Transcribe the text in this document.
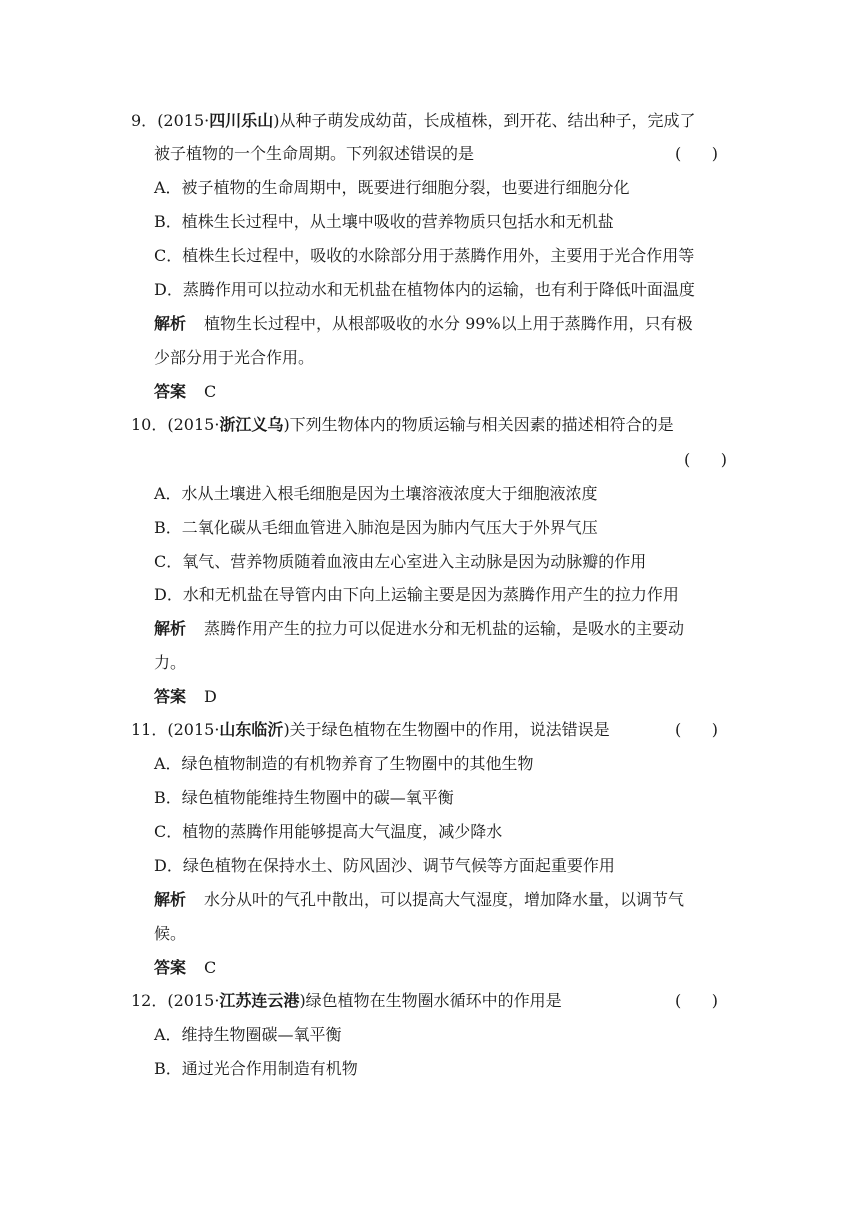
9．(2015·四川乐山)从种子萌发成幼苗，长成植株，到开花、结出种子，完成了
被子植物的一个生命周期。下列叙述错误的是	(      )
A．被子植物的生命周期中，既要进行细胞分裂，也要进行细胞分化
B．植株生长过程中，从土壤中吸收的营养物质只包括水和无机盐
C．植株生长过程中，吸收的水除部分用于蒸腾作用外，主要用于光合作用等
D．蒸腾作用可以拉动水和无机盐在植物体内的运输，也有利于降低叶面温度
解析 植物生长过程中，从根部吸收的水分 99%以上用于蒸腾作用，只有极
少部分用于光合作用。
答案 C
10．(2015·浙江义乌)下列生物体内的物质运输与相关因素的描述相符合的是
(      )
A．水从土壤进入根毛细胞是因为土壤溶液浓度大于细胞液浓度
B．二氧化碳从毛细血管进入肺泡是因为肺内气压大于外界气压
C．氧气、营养物质随着血液由左心室进入主动脉是因为动脉瓣的作用
D．水和无机盐在导管内由下向上运输主要是因为蒸腾作用产生的拉力作用
解析 蒸腾作用产生的拉力可以促进水分和无机盐的运输，是吸水的主要动
力。
答案 D
11．(2015·山东临沂)关于绿色植物在生物圈中的作用，说法错误是	(      )
A．绿色植物制造的有机物养育了生物圈中的其他生物
B．绿色植物能维持生物圈中的碳—氧平衡
C．植物的蒸腾作用能够提高大气温度，减少降水
D．绿色植物在保持水土、防风固沙、调节气候等方面起重要作用
解析 水分从叶的气孔中散出，可以提高大气湿度，增加降水量，以调节气
候。
答案 C
12．(2015·江苏连云港)绿色植物在生物圈水循环中的作用是	(      )
A．维持生物圈碳—氧平衡
B．通过光合作用制造有机物
